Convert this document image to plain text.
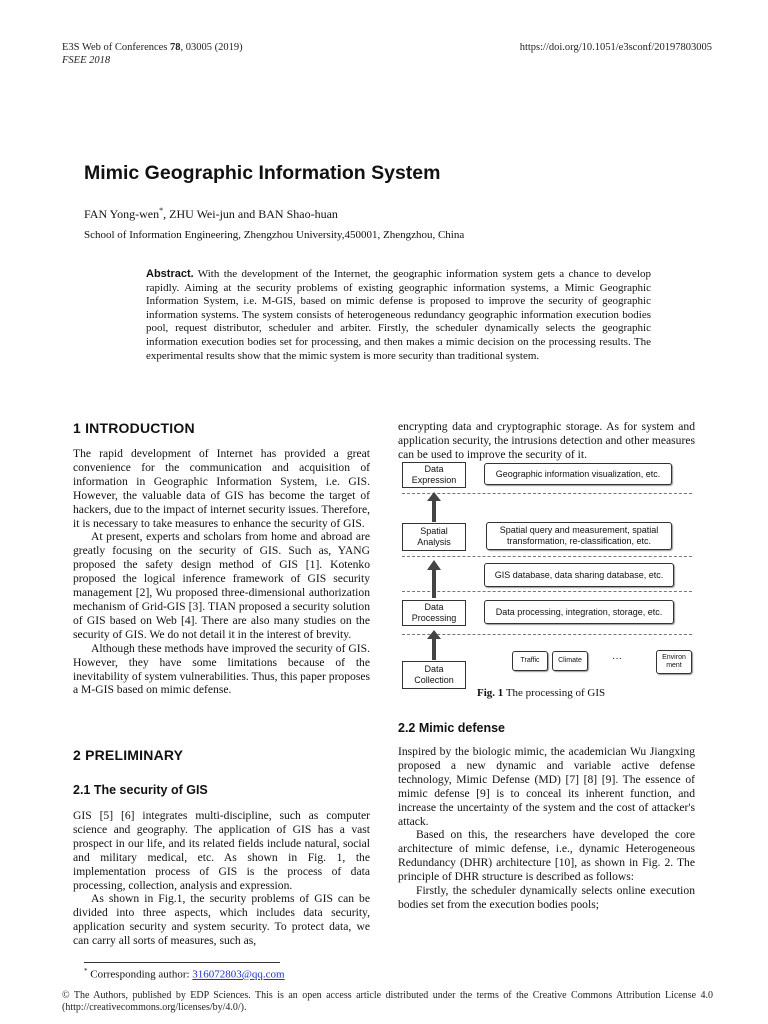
E3S Web of Conferences 78, 03005 (2019)
FSEE 2018
https://doi.org/10.1051/e3sconf/20197803005
Mimic Geographic Information System
FAN Yong-wen*, ZHU Wei-jun and BAN Shao-huan
School of Information Engineering, Zhengzhou University,450001, Zhengzhou, China
Abstract. With the development of the Internet, the geographic information system gets a chance to develop rapidly. Aiming at the security problems of existing geographic information systems, a Mimic Geographic Information System, i.e. M-GIS, based on mimic defense is proposed to improve the security of geographic information systems. The system consists of heterogeneous redundancy geographic information execution bodies pool, request distributor, scheduler and arbiter. Firstly, the scheduler dynamically selects the geographic information execution bodies set for processing, and then makes a mimic decision on the processing results. The experimental results show that the mimic system is more security than traditional system.
1 INTRODUCTION

The rapid development of Internet has provided a great convenience for the communication and acquisition of information in Geographic Information System, i.e. GIS. However, the valuable data of GIS has become the target of hackers, due to the impact of internet security issues. Therefore, it is necessary to take measures to enhance the security of GIS.

At present, experts and scholars from home and abroad are greatly focusing on the security of GIS. Such as, YANG proposed the safety design method of GIS [1]. Kotenko proposed the logical inference framework of GIS security management [2], Wu proposed three-dimensional authorization mechanism of Grid-GIS [3]. TIAN proposed a security solution of GIS based on Web [4]. There are also many studies on the security of GIS. We do not detail it in the interest of brevity.

Although these methods have improved the security of GIS. However, they have some limitations because of the inevitability of system vulnerabilities. Thus, this paper proposes a M-GIS based on mimic defense.

2 PRELIMINARY
2.1 The security of GIS

GIS [5] [6] integrates multi-discipline, such as computer science and geography. The application of GIS has a vast prospect in our life, and its related fields include natural, social and military medical, etc. As shown in Fig. 1, the implementation process of GIS is the process of data processing, collection, analysis and expression.

As shown in Fig.1, the security problems of GIS can be divided into three aspects, which includes data security, application security and system security. To protect data, we can carry all sorts of measures, such as,

encrypting data and cryptographic storage. As for system and application security, the intrusions detection and other measures can be used to improve the security of it.
Data
Expression
Spatial
Analysis
Data
Processing
Data
Collection
Geographic information visualization, etc.
Spatial query and measurement, spatial
transformation, re-classification, etc.
GIS database, data sharing database, etc.
Data processing, integration, storage, etc.
Traffic	Climate	···	Environ
ment
Fig. 1 The processing of GIS
2.2 Mimic defense

Inspired by the biologic mimic, the academician Wu Jiangxing proposed a new dynamic and variable active defense technology, Mimic Defense (MD) [7] [8] [9]. The essence of mimic defense [9] is to conceal its inherent function, and increase the uncertainty of the system and the cost of attacker's attack.

Based on this, the researchers have developed the core architecture of mimic defense, i.e., dynamic Heterogeneous Redundancy (DHR) architecture [10], as shown in Fig. 2. The principle of DHR structure is described as follows:

Firstly, the scheduler dynamically selects online execution bodies set from the execution bodies pools;

* Corresponding author: 316072803@qq.com
© The Authors, published by EDP Sciences. This is an open access article distributed under the terms of the Creative Commons Attribution License 4.0 (http://creativecommons.org/licenses/by/4.0/).
